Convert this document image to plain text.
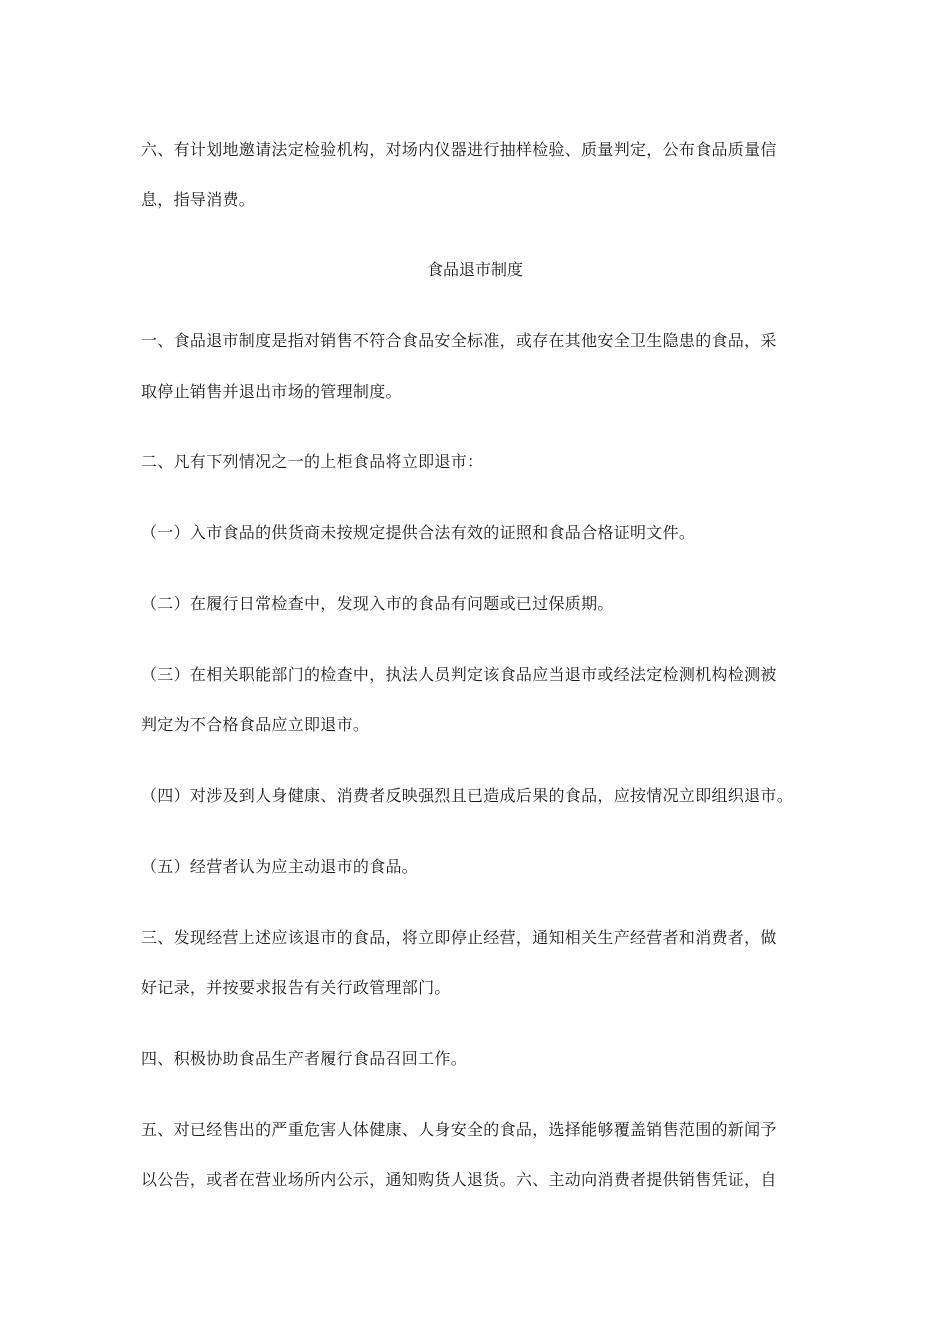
六、有计划地邀请法定检验机构，对场内仪器进行抽样检验、质量判定，公布食品质量信
息，指导消费。
食品退市制度
一、食品退市制度是指对销售不符合食品安全标准，或存在其他安全卫生隐患的食品，采
取停止销售并退出市场的管理制度。
二、凡有下列情况之一的上柜食品将立即退市：
（一）入市食品的供货商未按规定提供合法有效的证照和食品合格证明文件。
（二）在履行日常检查中，发现入市的食品有问题或已过保质期。
（三）在相关职能部门的检查中，执法人员判定该食品应当退市或经法定检测机构检测被
判定为不合格食品应立即退市。
（四）对涉及到人身健康、消费者反映强烈且已造成后果的食品，应按情况立即组织退市。
（五）经营者认为应主动退市的食品。
三、发现经营上述应该退市的食品，将立即停止经营，通知相关生产经营者和消费者，做
好记录，并按要求报告有关行政管理部门。
四、积极协助食品生产者履行食品召回工作。
五、对已经售出的严重危害人体健康、人身安全的食品，选择能够覆盖销售范围的新闻予
以公告，或者在营业场所内公示，通知购货人退货。六、主动向消费者提供销售凭证，自
